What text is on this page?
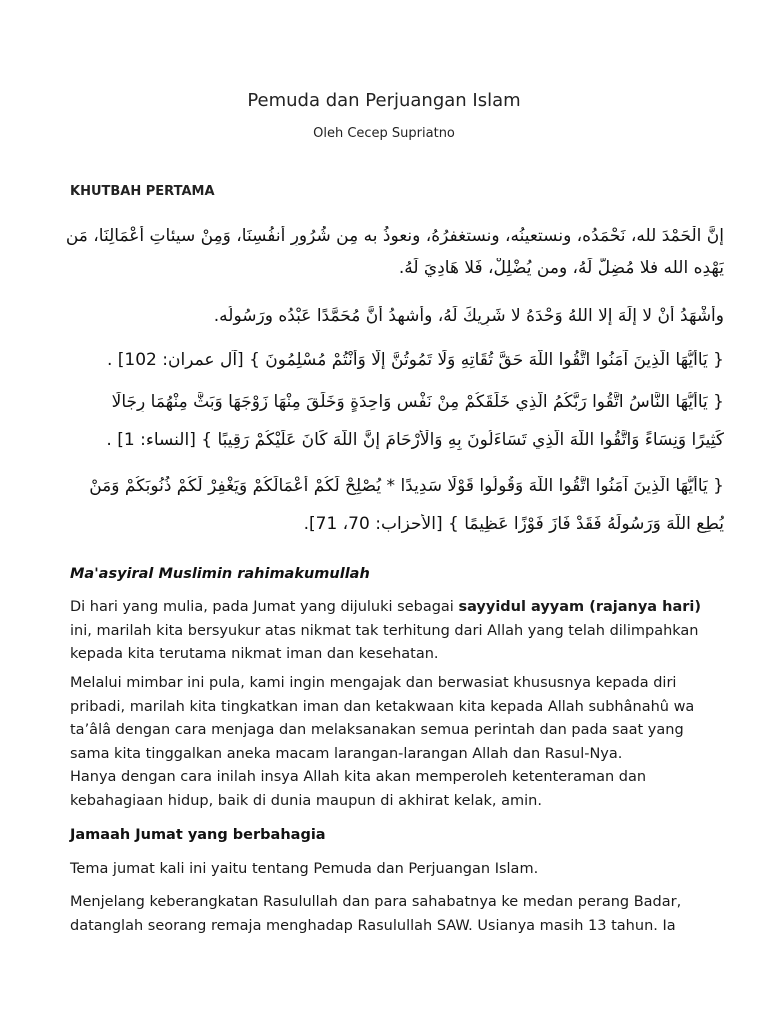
Pemuda dan Perjuangan Islam
Oleh Cecep Supriatno
KHUTBAH PERTAMA
إنَّ الْحَمْدَ لله، نَحْمَدُه، ونستعينُه، ونستغفرُهُ، ونعوذُ به مِن شُرُورِ أنفُسِنَا، وَمِنْ سيئاتِ أعْمَالِنَا، مَن
يَهْدِه الله فلا مُضِلَّ لَهُ، ومن يُضْلِلْ، فَلا هَادِيَ لَهُ.
وأشْهَدُ أنْ لا إلَهَ إلا اللهُ وَحْدَهُ لا شَرِيكَ لَهُ، وأشهدُ أنَّ مُحَمَّدًا عَبْدُه ورَسُولُه.
{ يَاأَيُّهَا الَّذِينَ آمَنُوا اتَّقُوا اللَّهَ حَقَّ تُقَاتِهِ وَلَا تَمُوتُنَّ إِلَّا وَأَنْتُمْ مُسْلِمُونَ } [آل عمران: 102] .
{ يَاأَيُّهَا النَّاسُ اتَّقُوا رَبَّكُمُ الَّذِي خَلَقَكُمْ مِنْ نَفْسٍ وَاحِدَةٍ وَخَلَقَ مِنْهَا زَوْجَهَا وَبَثَّ مِنْهُمَا رِجَالًا
كَثِيرًا وَنِسَاءً وَاتَّقُوا اللَّهَ الَّذِي تَسَاءَلُونَ بِهِ وَالْأَرْحَامَ إِنَّ اللَّهَ كَانَ عَلَيْكُمْ رَقِيبًا } [النساء: 1] .
{ يَاأَيُّهَا الَّذِينَ آمَنُوا اتَّقُوا اللَّهَ وَقُولُوا قَوْلًا سَدِيدًا * يُصْلِحْ لَكُمْ أَعْمَالَكُمْ وَيَغْفِرْ لَكُمْ ذُنُوبَكُمْ وَمَنْ
يُطِعِ اللَّهَ وَرَسُولَهُ فَقَدْ فَازَ فَوْزًا عَظِيمًا } [الأحزاب: 70، 71].
Ma'asyiral Muslimin rahimakumullah
Di hari yang mulia, pada Jumat yang dijuluki sebagai sayyidul ayyam (rajanya hari)
ini, marilah kita bersyukur atas nikmat tak terhitung dari Allah yang telah dilimpahkan
kepada kita terutama nikmat iman dan kesehatan.
Melalui mimbar ini pula, kami ingin mengajak dan berwasiat khususnya kepada diri
pribadi, marilah kita tingkatkan iman dan ketakwaan kita kepada Allah subhânahû wa
ta’âlâ dengan cara menjaga dan melaksanakan semua perintah dan pada saat yang
sama kita tinggalkan aneka macam larangan-larangan Allah dan Rasul-Nya.
Hanya dengan cara inilah insya Allah kita akan memperoleh ketenteraman dan
kebahagiaan hidup, baik di dunia maupun di akhirat kelak, amin.
Jamaah Jumat yang berbahagia
Tema jumat kali ini yaitu tentang Pemuda dan Perjuangan Islam.
Menjelang keberangkatan Rasulullah dan para sahabatnya ke medan perang Badar,
datanglah seorang remaja menghadap Rasulullah SAW. Usianya masih 13 tahun. Ia
